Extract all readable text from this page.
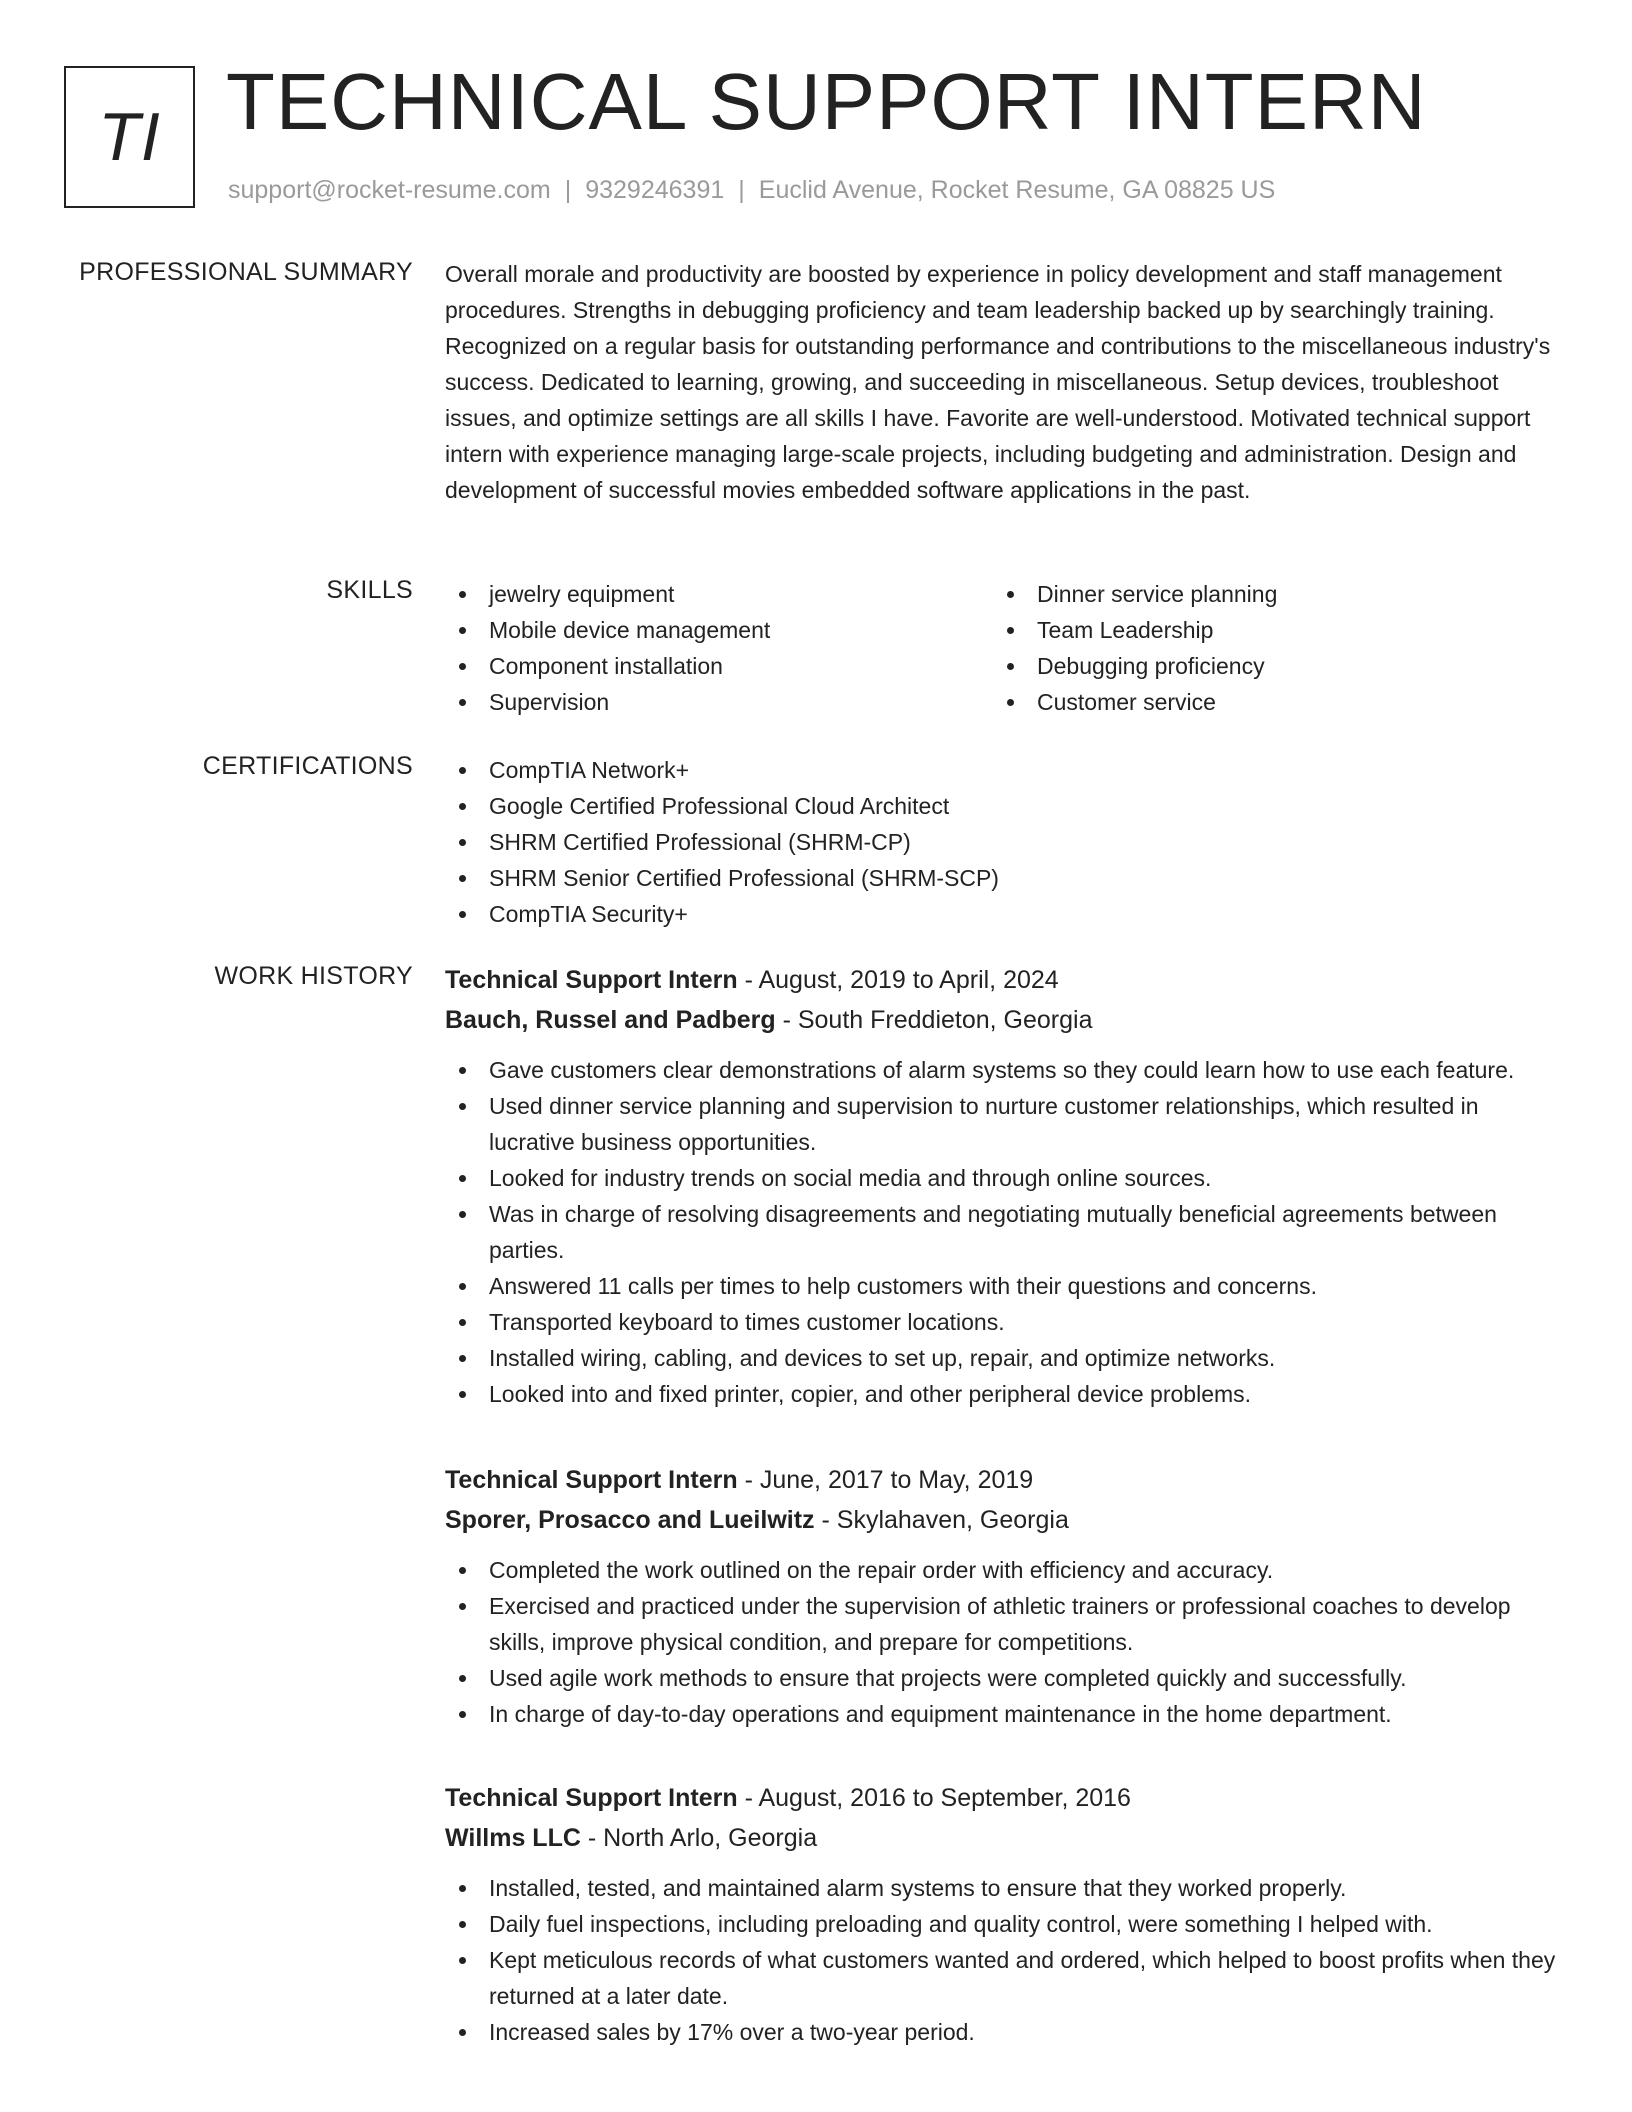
TI TECHNICAL SUPPORT INTERN
support@rocket-resume.com | 9329246391 | Euclid Avenue, Rocket Resume, GA 08825 US
PROFESSIONAL SUMMARY Overall morale and productivity are boosted by experience in policy development and staff management procedures. Strengths in debugging proficiency and team leadership backed up by searchingly training. Recognized on a regular basis for outstanding performance and contributions to the miscellaneous industry's success. Dedicated to learning, growing, and succeeding in miscellaneous. Setup devices, troubleshoot issues, and optimize settings are all skills I have. Favorite are well-understood. Motivated technical support intern with experience managing large-scale projects, including budgeting and administration. Design and development of successful movies embedded software applications in the past.
SKILLS	jewelry equipment
Mobile device management
Component installation
Supervision
Dinner service planning
Team Leadership
Debugging proficiency
Customer service
CERTIFICATIONS	CompTIA Network+
Google Certified Professional Cloud Architect
SHRM Certified Professional (SHRM-CP)
SHRM Senior Certified Professional (SHRM-SCP)
CompTIA Security+
WORK HISTORY Technical Support Intern - August, 2019 to April, 2024
Bauch, Russel and Padberg - South Freddieton, Georgia
Gave customers clear demonstrations of alarm systems so they could learn how to use each feature.
Used dinner service planning and supervision to nurture customer relationships, which resulted in lucrative business opportunities.
Looked for industry trends on social media and through online sources.
Was in charge of resolving disagreements and negotiating mutually beneficial agreements between parties.
Answered 11 calls per times to help customers with their questions and concerns.
Transported keyboard to times customer locations.
Installed wiring, cabling, and devices to set up, repair, and optimize networks.
Looked into and fixed printer, copier, and other peripheral device problems.
Technical Support Intern - June, 2017 to May, 2019
Sporer, Prosacco and Lueilwitz - Skylahaven, Georgia
Completed the work outlined on the repair order with efficiency and accuracy.
Exercised and practiced under the supervision of athletic trainers or professional coaches to develop skills, improve physical condition, and prepare for competitions.
Used agile work methods to ensure that projects were completed quickly and successfully.
In charge of day-to-day operations and equipment maintenance in the home department.
Technical Support Intern - August, 2016 to September, 2016
Willms LLC - North Arlo, Georgia
Installed, tested, and maintained alarm systems to ensure that they worked properly.
Daily fuel inspections, including preloading and quality control, were something I helped with.
Kept meticulous records of what customers wanted and ordered, which helped to boost profits when they returned at a later date.
Increased sales by 17% over a two-year period.
